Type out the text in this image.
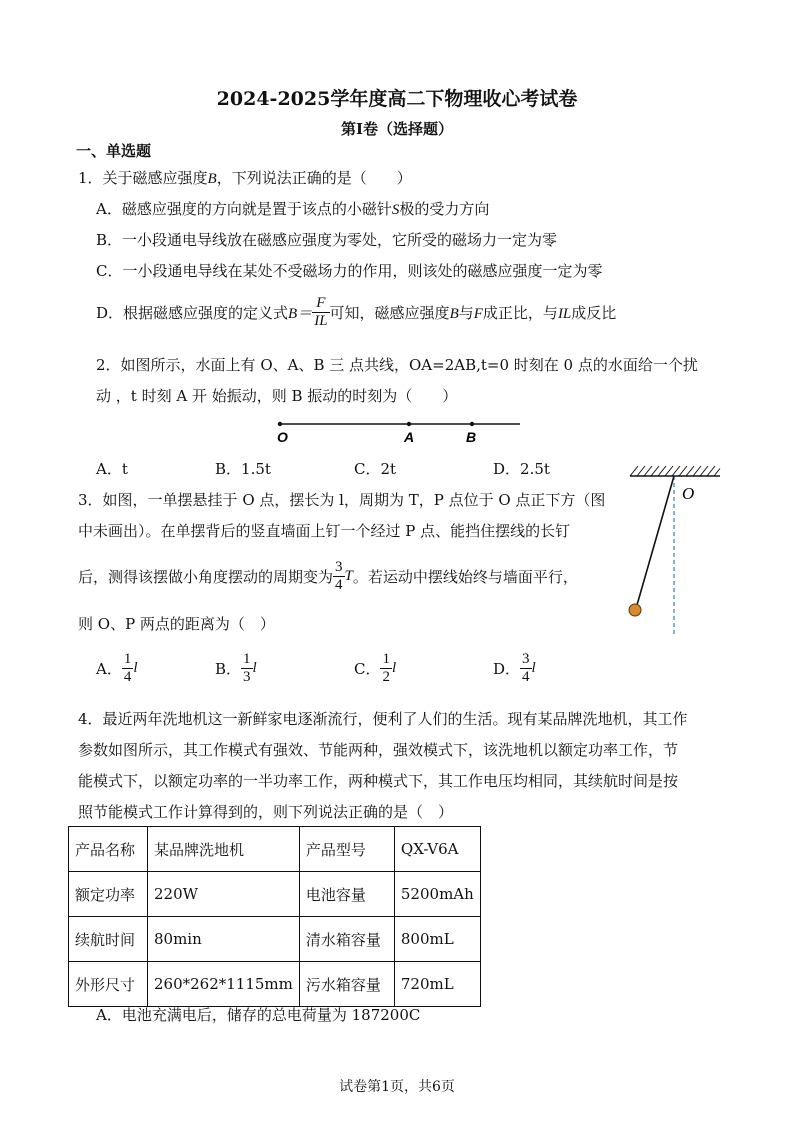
2024-2025学年度高二下物理收心考试卷
第I卷（选择题）
一、单选题
1．关于磁感应强度B，下列说法正确的是（　　）
A．磁感应强度的方向就是置于该点的小磁针S极的受力方向
B．一小段通电导线放在磁感应强度为零处，它所受的磁场力一定为零
C．一小段通电导线在某处不受磁场力的作用，则该处的磁感应强度一定为零
D．根据磁感应强度的定义式$B= \frac{F}{IL}$ 可知，磁感应强度B与F成正比，与IL成反比
2．如图所示，水面上有 O、A、B 三 点共线，OA=2AB,t=0 时刻在 0 点的水面给一个扰
动 ，t 时刻 A 开 始振动，则 B 振动的时刻为（　　）
O	A	B
A．t	B．1.5t	C．2t	D．2.5t
3．如图，一单摆悬挂于 O 点，摆长为 l，周期为 T，P 点位于 O 点正下方（图
中未画出）。在单摆背后的竖直墙面上钉一个经过 P 点、能挡住摆线的长钉
后，测得该摆做小角度摆动的周期变为 $\frac{3}{4}$ T。若运动中摆线始终与墙面平行，
则 O、P 两点的距离为（　）
O
A． $\frac{1}{4}$ l	B． $\frac{1}{3}$ l	C． $\frac{1}{2}$ l	D． $\frac{3}{4}$ l
4．最近两年洗地机这一新鲜家电逐渐流行，便利了人们的生活。现有某品牌洗地机，其工作
参数如图所示，其工作模式有强效、节能两种，强效模式下，该洗地机以额定功率工作，节
能模式下，以额定功率的一半功率工作，两种模式下，其工作电压均相同，其续航时间是按
照节能模式工作计算得到的，则下列说法正确的是（　）
产品名称	某品牌洗地机	产品型号	QX-V6A
额定功率	220W	电池容量	5200mAh
续航时间	80min	清水箱容量	800mL
外形尺寸	260*262*1115mm	污水箱容量	720mL
A．电池充满电后，储存的总电荷量为 187200C
试卷第1页，共6页
